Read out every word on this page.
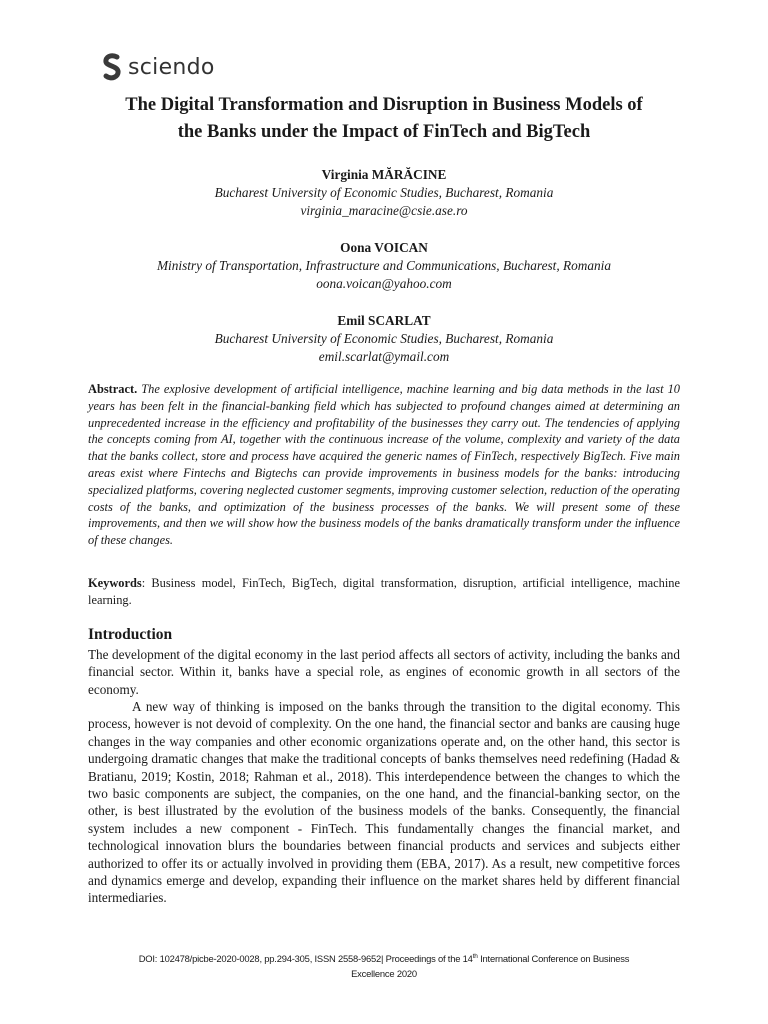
sciendo
The Digital Transformation and Disruption in Business Models of
the Banks under the Impact of FinTech and BigTech
Virginia MĂRĂCINE
Bucharest University of Economic Studies, Bucharest, Romania
virginia_maracine@csie.ase.ro
Oona VOICAN
Ministry of Transportation, Infrastructure and Communications, Bucharest, Romania
oona.voican@yahoo.com
Emil SCARLAT
Bucharest University of Economic Studies, Bucharest, Romania
emil.scarlat@ymail.com

Abstract. The explosive development of artificial intelligence, machine learning and big data methods in the last 10 years has been felt in the financial-banking field which has subjected to profound changes aimed at determining an unprecedented increase in the efficiency and profitability of the businesses they carry out. The tendencies of applying the concepts coming from AI, together with the continuous increase of the volume, complexity and variety of the data that the banks collect, store and process have acquired the generic names of FinTech, respectively BigTech. Five main areas exist where Fintechs and Bigtechs can provide improvements in business models for the banks: introducing specialized platforms, covering neglected customer segments, improving customer selection, reduction of the operating costs of the banks, and optimization of the business processes of the banks. We will present some of these improvements, and then we will show how the business models of the banks dramatically transform under the influence of these changes.

Keywords: Business model, FinTech, BigTech, digital transformation, disruption, artificial intelligence, machine learning.

Introduction

The development of the digital economy in the last period affects all sectors of activity, including the banks and financial sector. Within it, banks have a special role, as engines of economic growth in all sectors of the economy.

A new way of thinking is imposed on the banks through the transition to the digital economy. This process, however is not devoid of complexity. On the one hand, the financial sector and banks are causing huge changes in the way companies and other economic organizations operate and, on the other hand, this sector is undergoing dramatic changes that make the traditional concepts of banks themselves need redefining (Hadad & Bratianu, 2019; Kostin, 2018; Rahman et al., 2018). This interdependence between the changes to which the two basic components are subject, the companies, on the one hand, and the financial-banking sector, on the other, is best illustrated by the evolution of the business models of the banks. Consequently, the financial system includes a new component - FinTech. This fundamentally changes the financial market, and technological innovation blurs the boundaries between financial products and services and subjects either authorized to offer its or actually involved in providing them (EBA, 2017). As a result, new competitive forces and dynamics emerge and develop, expanding their influence on the market shares held by different financial intermediaries.

DOI: 102478/picbe-2020-0028, pp.294-305, ISSN 2558-9652| Proceedings of the 14th International Conference on Business
Excellence 2020
